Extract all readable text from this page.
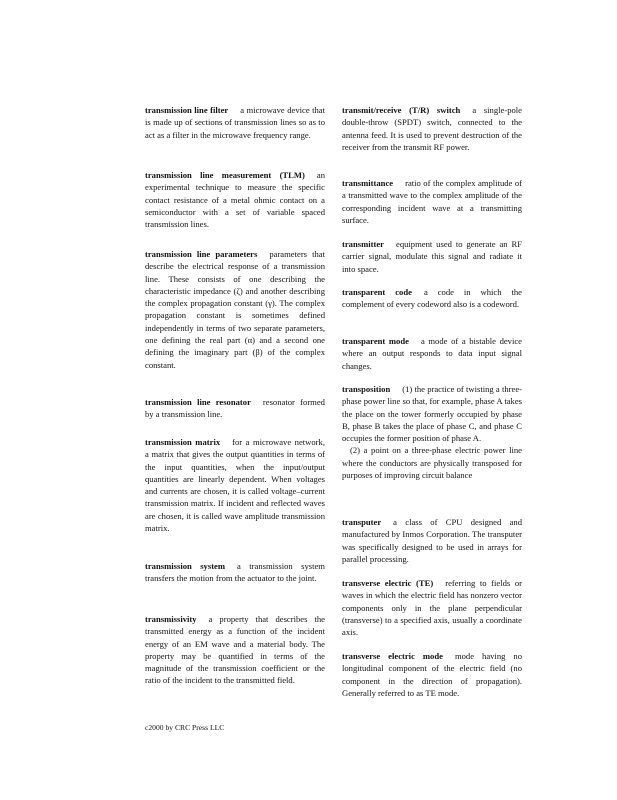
transmission line filter a microwave device that is made up of sections of transmission lines so as to act as a filter in the microwave frequency range.
transmission line measurement (TLM) an experimental technique to measure the specific contact resistance of a metal ohmic contact on a semiconductor with a set of variable spaced transmission lines.
transmission line parameters parameters that describe the electrical response of a transmission line. These consists of one describing the characteristic impedance (ζ) and another describing the complex propagation constant (γ). The complex propagation constant is sometimes defined independently in terms of two separate parameters, one defining the real part (α) and a second one defining the imaginary part (β) of the complex constant.
transmission line resonator resonator formed by a transmission line.
transmission matrix for a microwave network, a matrix that gives the output quantities in terms of the input quantities, when the input/output quantities are linearly dependent. When voltages and currents are chosen, it is called voltage–current transmission matrix. If incident and reflected waves are chosen, it is called wave amplitude transmission matrix.
transmission system a transmission system transfers the motion from the actuator to the joint.
transmissivity a property that describes the transmitted energy as a function of the incident energy of an EM wave and a material body. The property may be quantified in terms of the magnitude of the transmission coefficient or the ratio of the incident to the transmitted field.
transmit/receive (T/R) switch a single-pole double-throw (SPDT) switch, connected to the antenna feed. It is used to prevent destruction of the receiver from the transmit RF power.
transmittance ratio of the complex amplitude of a transmitted wave to the complex amplitude of the corresponding incident wave at a transmitting surface.
transmitter equipment used to generate an RF carrier signal, modulate this signal and radiate it into space.
transparent code a code in which the complement of every codeword also is a codeword.
transparent mode a mode of a bistable device where an output responds to data input signal changes.
transposition (1) the practice of twisting a three-phase power line so that, for example, phase A takes the place on the tower formerly occupied by phase B, phase B takes the place of phase C, and phase C occupies the former position of phase A.
(2) a point on a three-phase electric power line where the conductors are physically transposed for purposes of improving circuit balance
transputer a class of CPU designed and manufactured by Inmos Corporation. The transputer was specifically designed to be used in arrays for parallel processing.
transverse electric (TE) referring to fields or waves in which the electric field has nonzero vector components only in the plane perpendicular (transverse) to a specified axis, usually a coordinate axis.
transverse electric mode mode having no longitudinal component of the electric field (no component in the direction of propagation). Generally referred to as TE mode.
c2000 by CRC Press LLC
